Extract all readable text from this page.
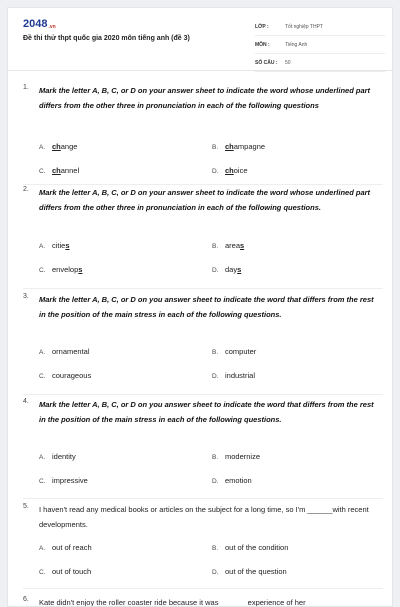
2048.vn
Đề thi thử thpt quốc gia 2020 môn tiếng anh (đề 3)
LỚP :	Tốt nghiệp THPT
MÔN :	Tiếng Anh
SỐ CÂU :	50
1. Mark the letter A, B, C, or D on your answer sheet to indicate the word whose underlined part differs from the other three in pronunciation in each of the following questions
A. change	B. champagne
C. channel	D. choice
2. Mark the letter A, B, C, or D on your answer sheet to indicate the word whose underlined part differs from the other three in pronunciation in each of the following questions.
A. cities	B. areas
C. envelops	D. days
3. Mark the letter A, B, C, or D on you answer sheet to indicate the word that differs from the rest in the position of the main stress in each of the following questions.
A. ornamental	B. computer
C. courageous	D. industrial
4. Mark the letter A, B, C, or D on you answer sheet to indicate the word that differs from the rest in the position of the main stress in each of the following questions.
A. identity	B. modernize
C. impressive	D. emotion
5. I haven't read any medical books or articles on the subject for a long time, so I'm ______with recent developments.
A. out of reach	B. out of the condition
C. out of touch	D. out of the question
6. Kate didn't enjoy the roller coaster ride because it was ______ experience of her
